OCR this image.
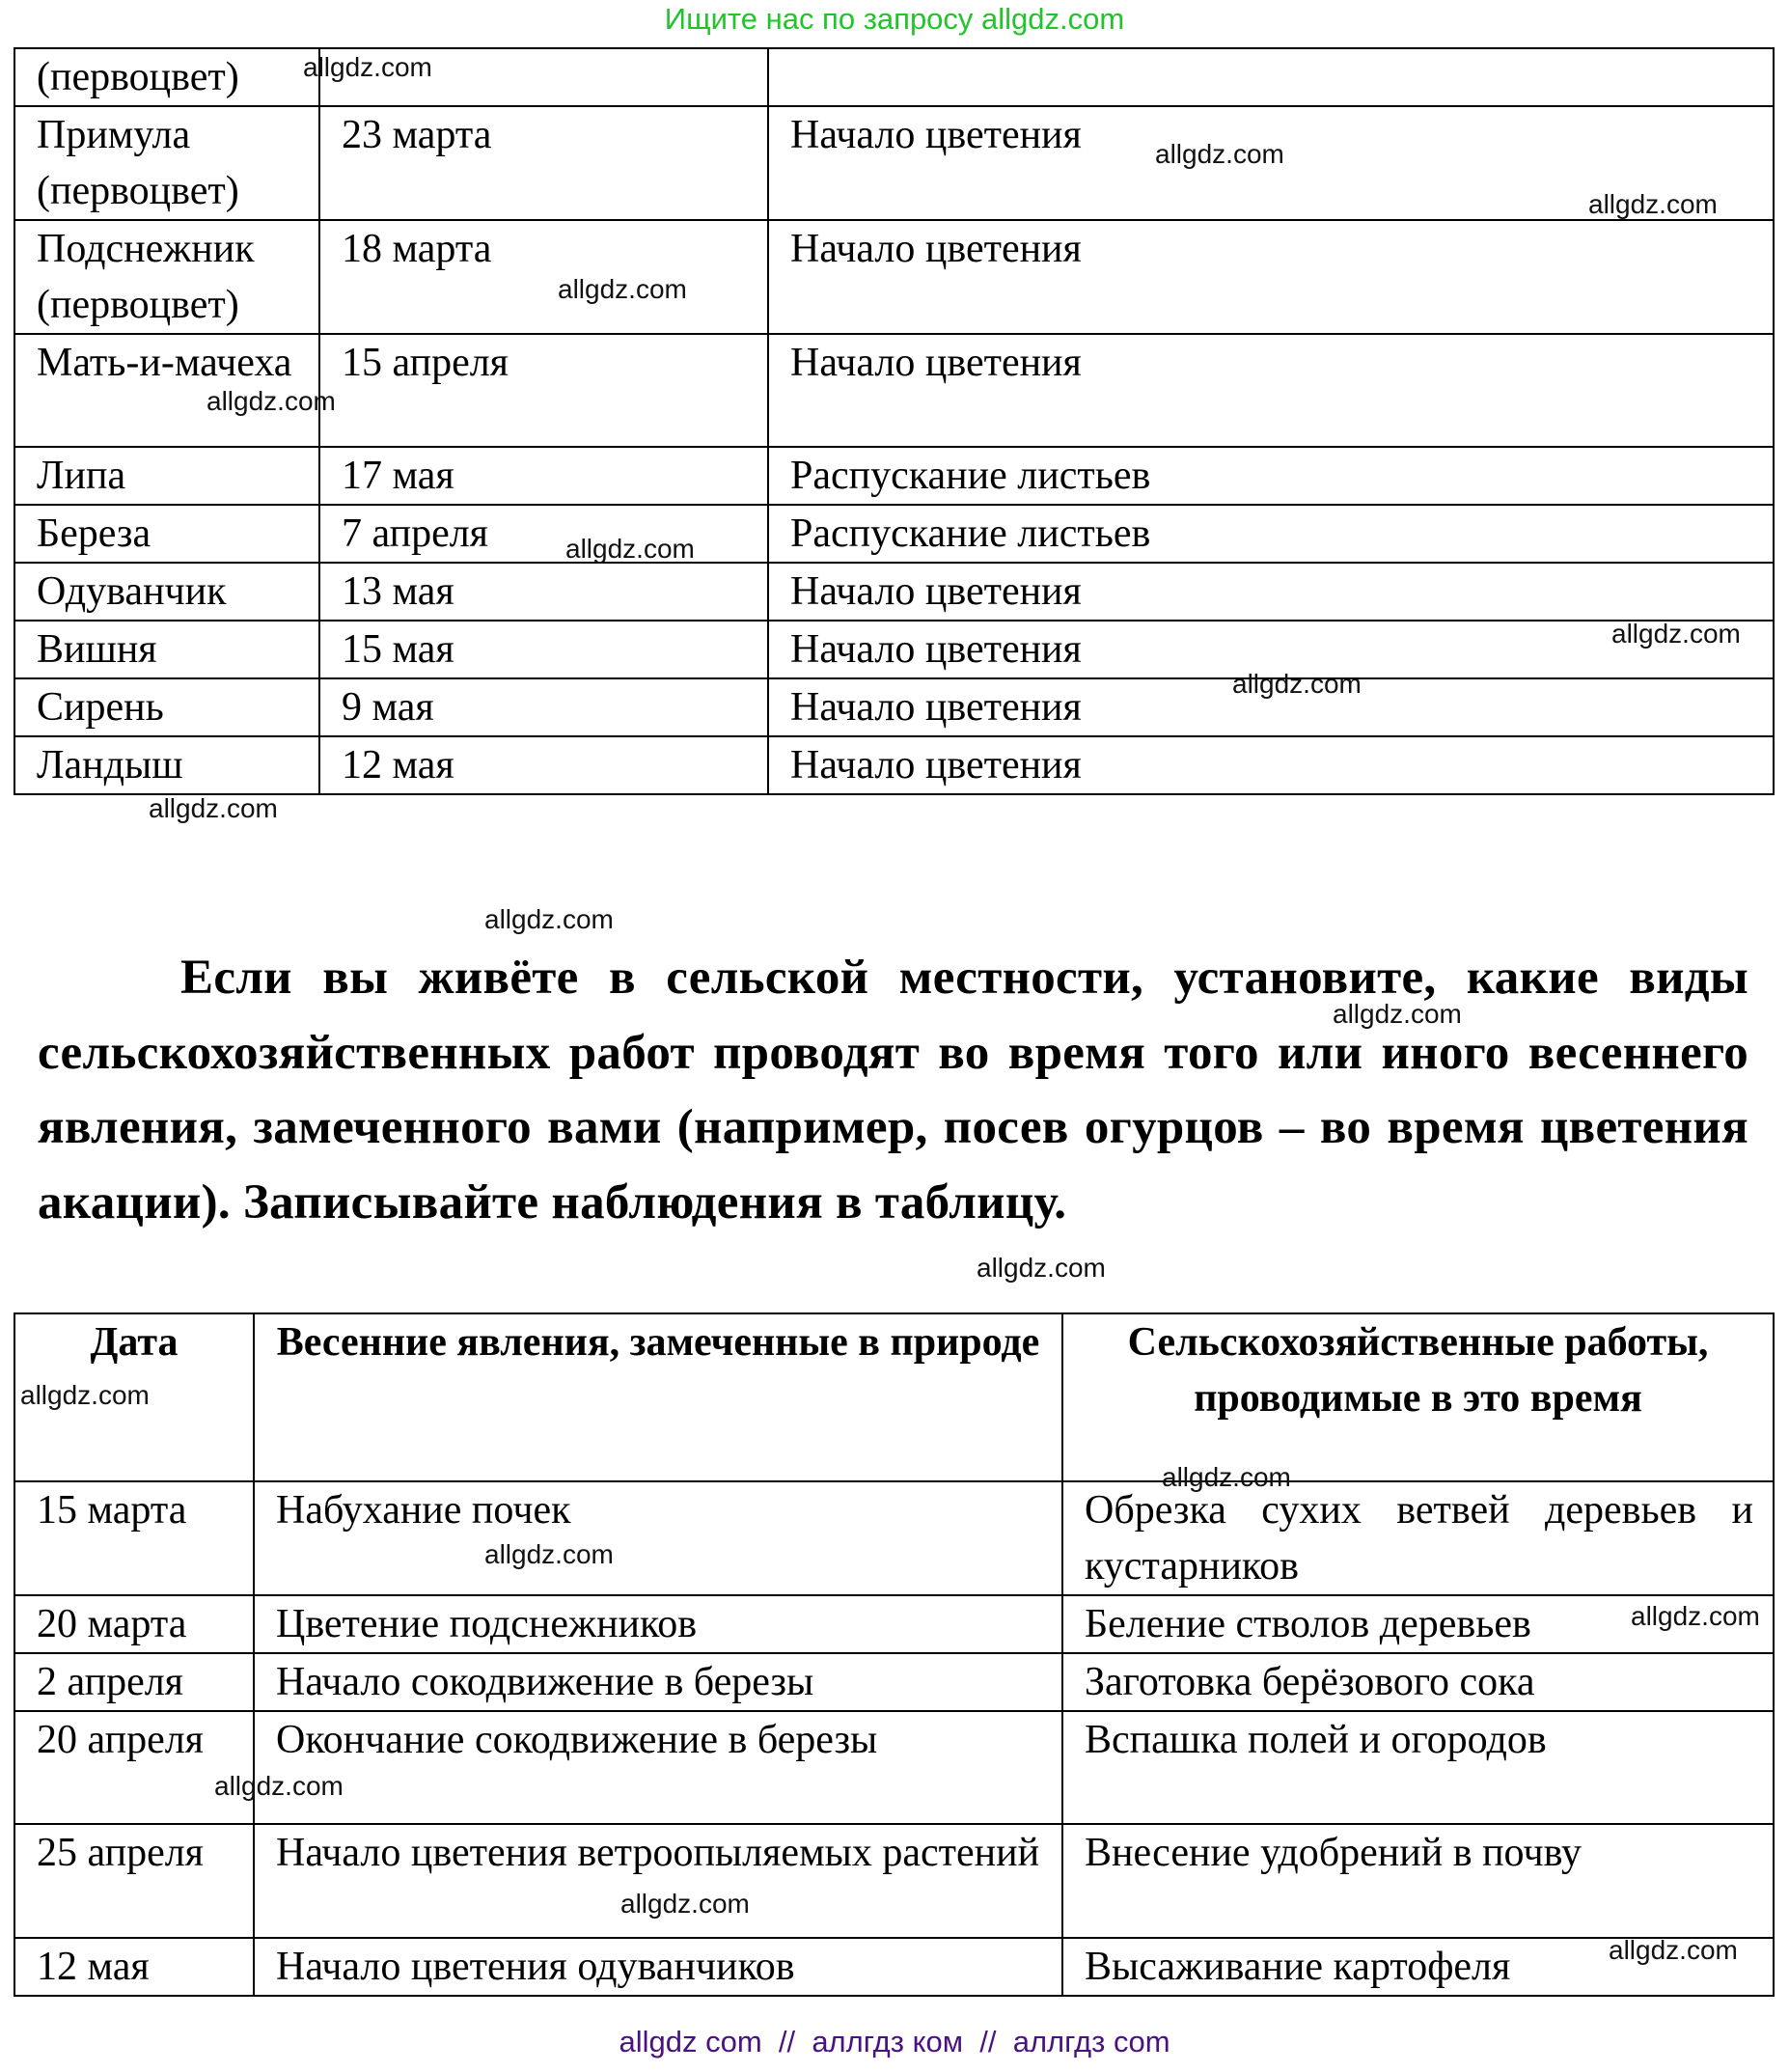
Ищите нас по запросу allgdz.com
(первоцвет)		
Примула (первоцвет)	23 марта	Начало цветения
Подснежник (первоцвет)	18 марта	Начало цветения
Мать-и-мачеха	15 апреля	Начало цветения
Липа	17 мая	Распускание листьев
Береза	7 апреля	Распускание листьев
Одуванчик	13 мая	Начало цветения
Вишня	15 мая	Начало цветения
Сирень	9 мая	Начало цветения
Ландыш	12 мая	Начало цветения
Если вы живёте в сельской местности, установите, какие виды сельскохозяйственных работ проводят во время того или иного весеннего явления, замеченного вами (например, посев огурцов – во время цветения акации). Записывайте наблюдения в таблицу.
Дата	Весенние явления, замеченные в природе	Сельскохозяйственные работы, проводимые в это время
15 марта	Набухание почек	Обрезка сухих ветвей деревьев и кустарников
20 марта	Цветение подснежников	Беление стволов деревьев
2 апреля	Начало сокодвижение в березы	Заготовка берёзового сока
20 апреля	Окончание сокодвижение в березы	Вспашка полей и огородов
25 апреля	Начало цветения ветроопыляемых растений	Внесение удобрений в почву
12 мая	Начало цветения одуванчиков	Высаживание картофеля
allgdz.com
allgdz.com
allgdz.com
allgdz.com
allgdz.com
allgdz.com
allgdz.com
allgdz.com
allgdz.com
allgdz.com
allgdz.com
allgdz.com
allgdz.com
allgdz.com
allgdz.com
allgdz.com
allgdz.com
allgdz.com
allgdz.com
allgdz com  //  аллгдз ком  //  аллгдз com
